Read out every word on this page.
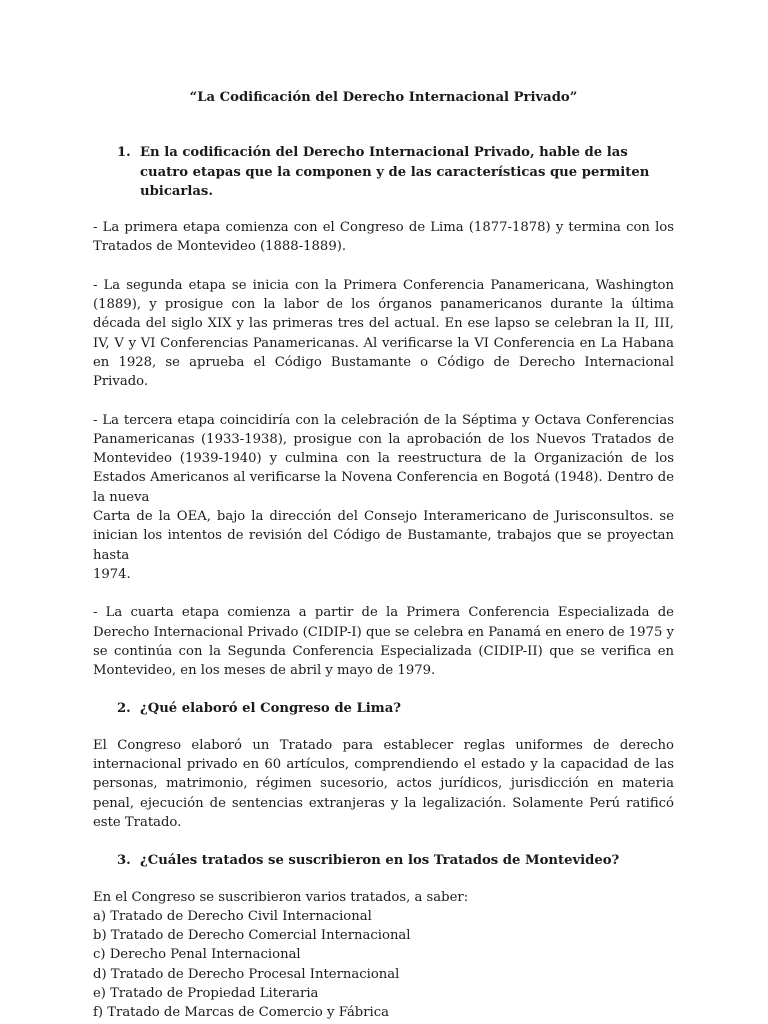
“La Codificación del Derecho Internacional Privado”
1. En la codificación del Derecho Internacional Privado, hable de las cuatro etapas que la componen y de las características que permiten ubicarlas.

- La primera etapa comienza con el Congreso de Lima (1877-1878) y termina con los Tratados de Montevideo (1888-1889).

- La segunda etapa se inicia con la Primera Conferencia Panamericana, Washington (1889), y prosigue con la labor de los órganos panamericanos durante la última década del siglo XIX y las primeras tres del actual. En ese lapso se celebran la II, III, IV, V y VI Conferencias Panamericanas. Al verificarse la VI Conferencia en La Habana en 1928, se aprueba el Código Bustamante o Código de Derecho Internacional Privado.

- La tercera etapa coincidiría con la celebración de la Séptima y Octava Conferencias Panamericanas (1933-1938), prosigue con la aprobación de los Nuevos Tratados de Montevideo (1939-1940) y culmina con la reestructura de la Organización de los Estados Americanos al verificarse la Novena Conferencia en Bogotá (1948). Dentro de la nueva
Carta de la OEA, bajo la dirección del Consejo Interamericano de Jurisconsultos. se inician los intentos de revisión del Código de Bustamante, trabajos que se proyectan hasta
1974.

- La cuarta etapa comienza a partir de la Primera Conferencia Especializada de Derecho Internacional Privado (CIDIP-I) que se celebra en Panamá en enero de 1975 y se continúa con la Segunda Conferencia Especializada (CIDIP-II) que se verifica en Montevideo, en los meses de abril y mayo de 1979.

2. ¿Qué elaboró el Congreso de Lima?

El Congreso elaboró un Tratado para establecer reglas uniformes de derecho internacional privado en 60 artículos, comprendiendo el estado y la capacidad de las personas, matrimonio, régimen sucesorio, actos jurídicos, jurisdicción en materia penal, ejecución de sentencias extranjeras y la legalización. Solamente Perú ratificó este Tratado.

3. ¿Cuáles tratados se suscribieron en los Tratados de Montevideo?
En el Congreso se suscribieron varios tratados, a saber:
a) Tratado de Derecho Civil Internacional
b) Tratado de Derecho Comercial Internacional
c) Derecho Penal Internacional
d) Tratado de Derecho Procesal Internacional
e) Tratado de Propiedad Literaria
f) Tratado de Marcas de Comercio y Fábrica
